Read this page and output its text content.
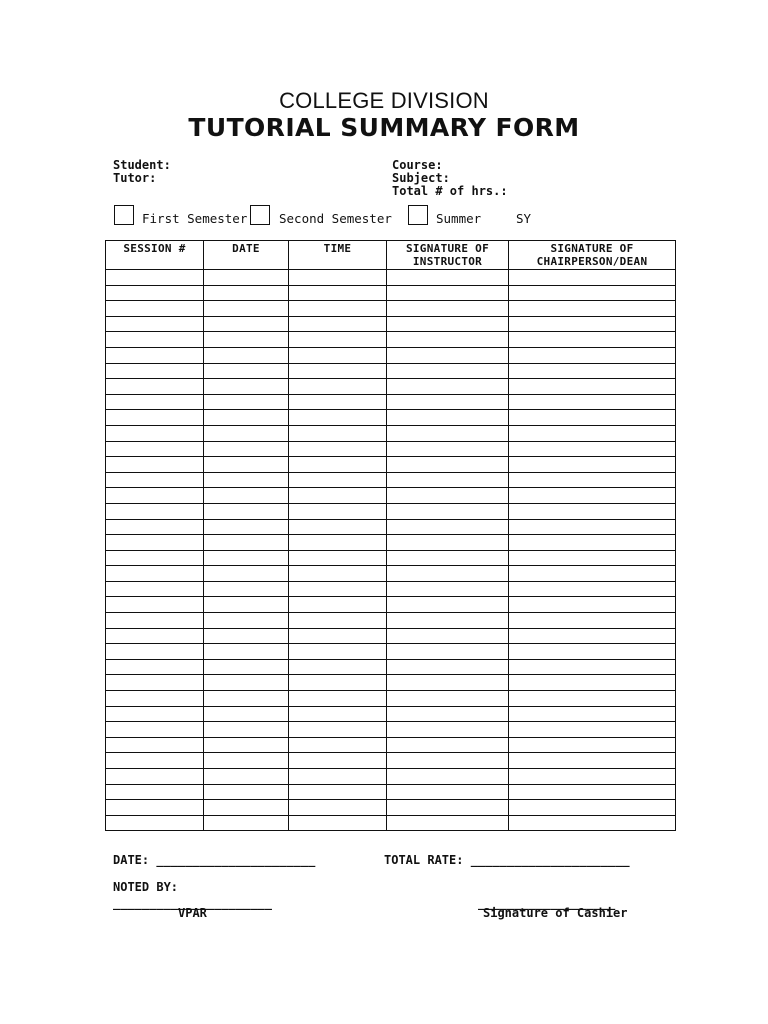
COLLEGE DIVISION
TUTORIAL SUMMARY FORM
Student:
Tutor:
Course:
Subject:
Total # of hrs.:
First Semester	Second Semester	Summer	SY
SESSION #	DATE	TIME	SIGNATURE OF INSTRUCTOR	SIGNATURE OF CHAIRPERSON/DEAN

DATE: ______________________	TOTAL RATE: ______________________
NOTED BY:
______________________
VPAR
___________________
Signature of Cashier
